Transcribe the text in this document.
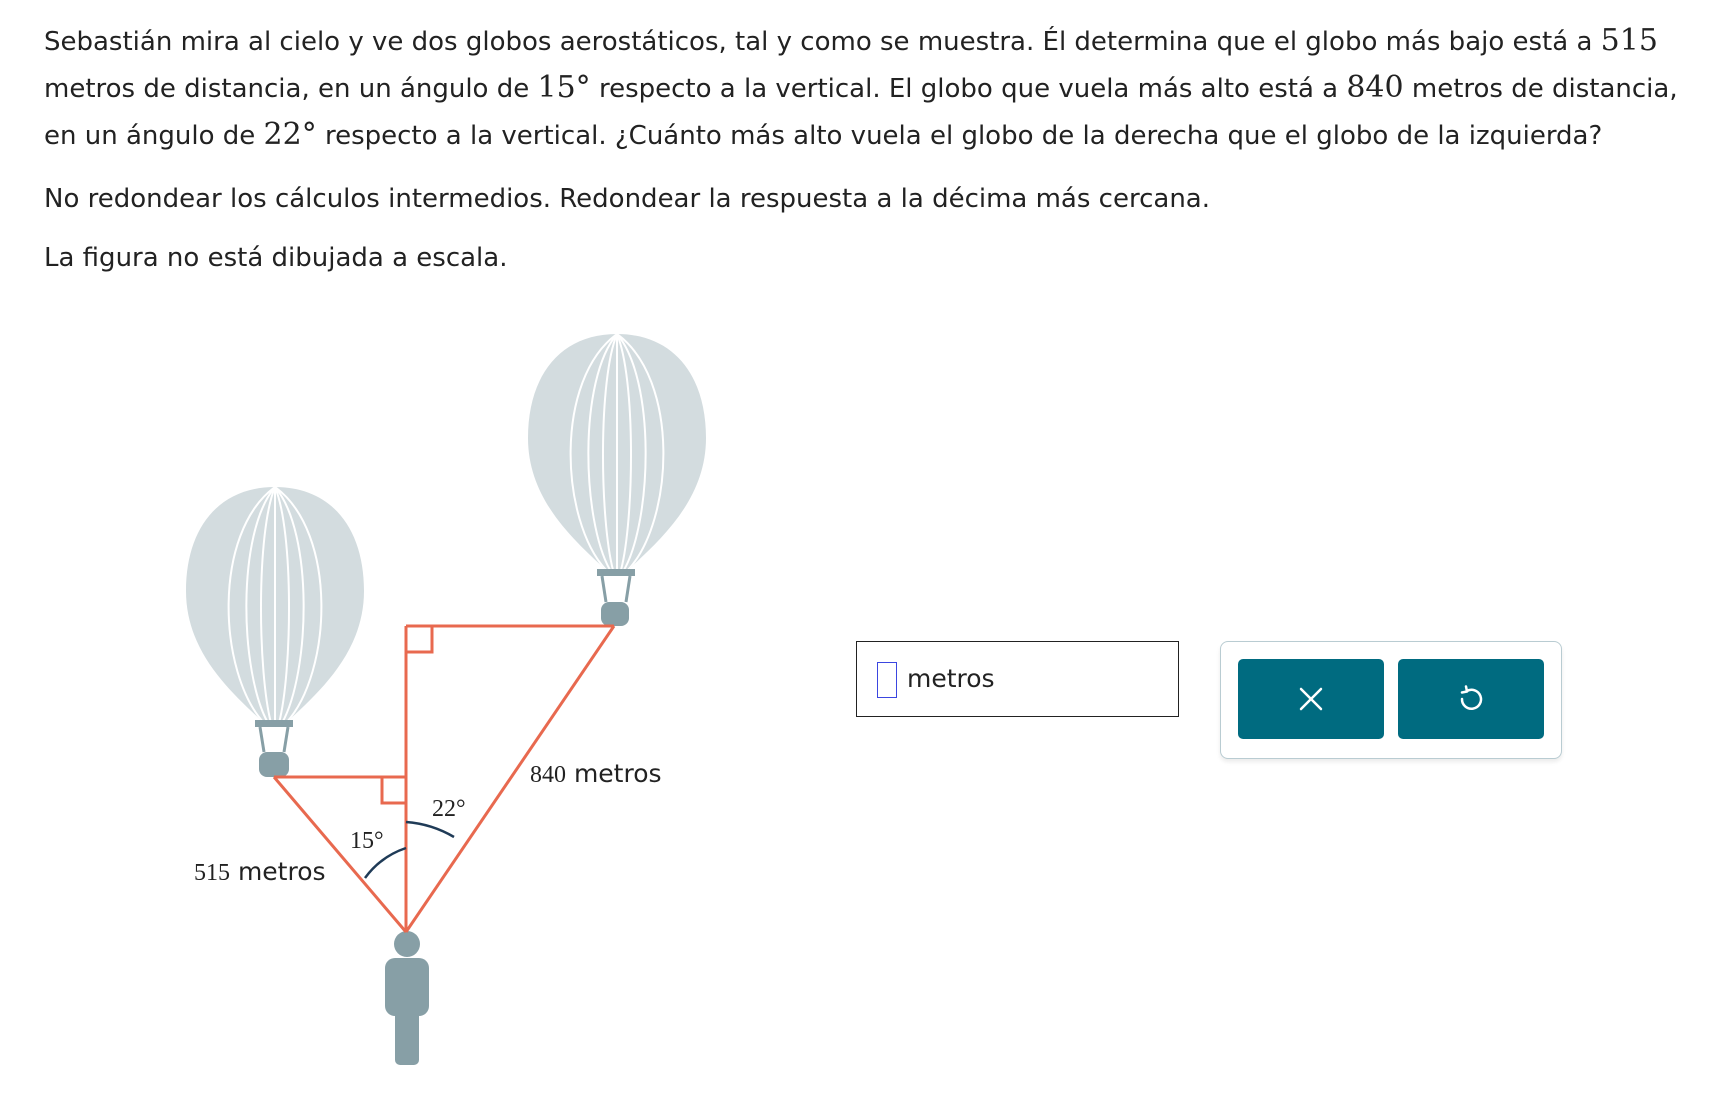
Sebastián mira al cielo y ve dos globos aerostáticos, tal y como se muestra. Él determina que el globo más bajo está a 515 metros de distancia, en un ángulo de 15° respecto a la vertical. El globo que vuela más alto está a 840 metros de distancia, en un ángulo de 22° respecto a la vertical. ¿Cuánto más alto vuela el globo de la derecha que el globo de la izquierda?

No redondear los cálculos intermedios. Redondear la respuesta a la décima más cercana.

La figura no está dibujada a escala.

840 metros
515 metros
22°
15°
metros
